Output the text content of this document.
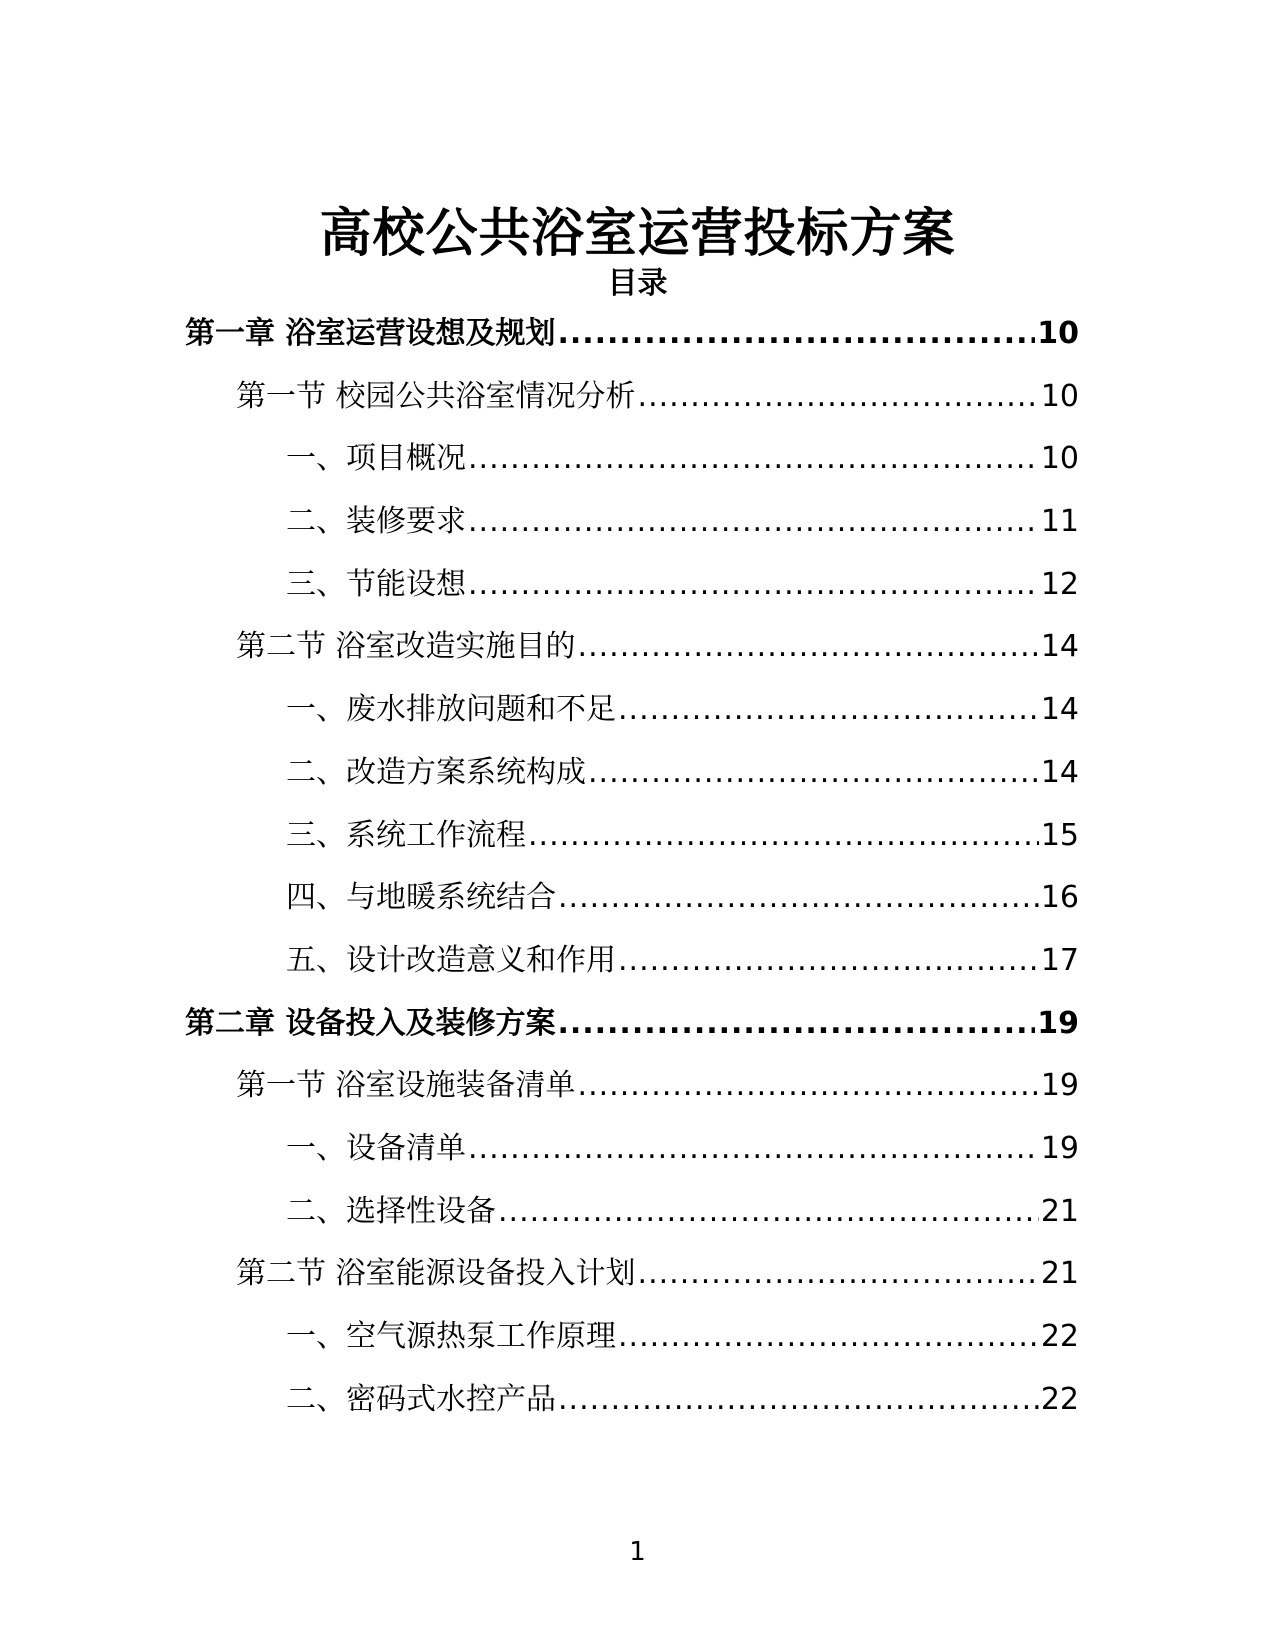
高校公共浴室运营投标方案
目录
第一章 浴室运营设想及规划 .....	10
第一节 校园公共浴室情况分析 .....	10
一、项目概况 .....	10
二、装修要求 .....	11
三、节能设想 .....	12
第二节 浴室改造实施目的 .....	14
一、废水排放问题和不足 .....	14
二、改造方案系统构成 .....	14
三、系统工作流程 .....	15
四、与地暖系统结合 .....	16
五、设计改造意义和作用 .....	17
第二章 设备投入及装修方案 .....	19
第一节 浴室设施装备清单 .....	19
一、设备清单 .....	19
二、选择性设备 .....	21
第二节 浴室能源设备投入计划 .....	21
一、空气源热泵工作原理 .....	22
二、密码式水控产品 .....	22
1
